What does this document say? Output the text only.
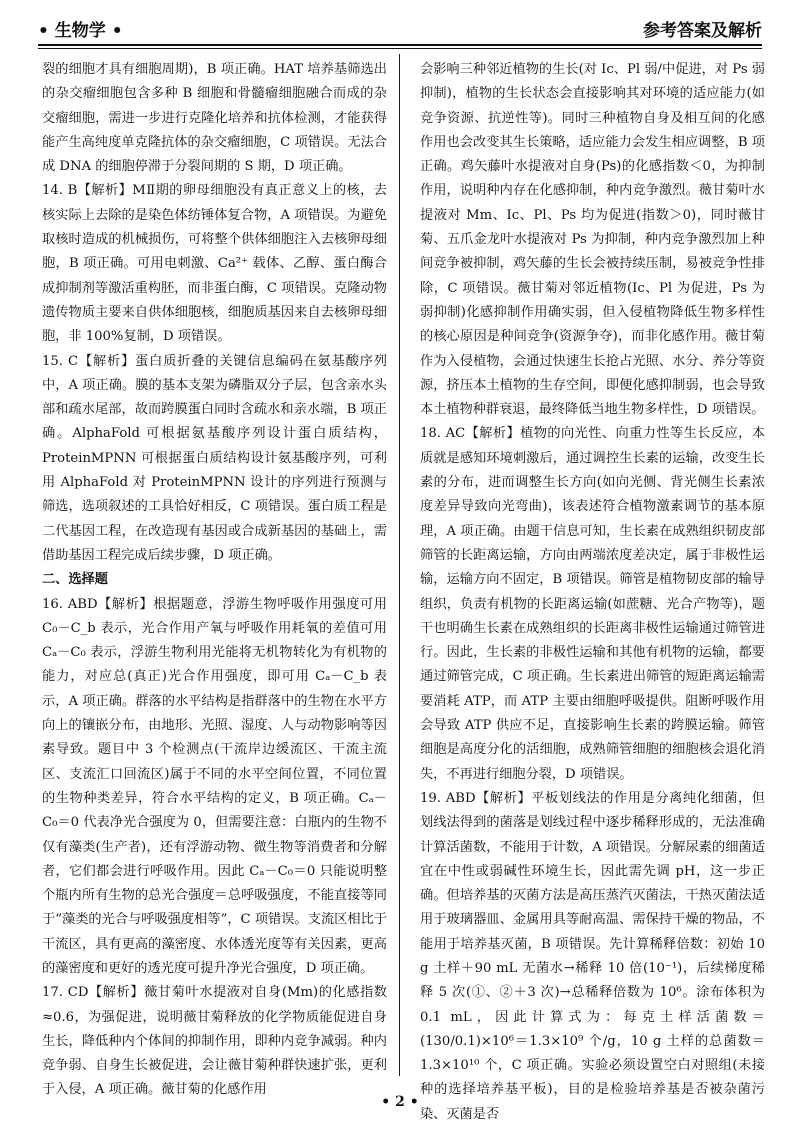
• 生物学 •	参考答案及解析

裂的细胞才具有细胞周期)，B 项正确。HAT 培养基筛选出的杂交瘤细胞包含多种 B 细胞和骨髓瘤细胞融合而成的杂交瘤细胞，需进一步进行克隆化培养和抗体检测，才能获得能产生高纯度单克隆抗体的杂交瘤细胞，C 项错误。无法合成 DNA 的细胞停滞于分裂间期的 S 期，D 项正确。

14. B【解析】MⅡ期的卵母细胞没有真正意义上的核，去核实际上去除的是染色体纺锤体复合物，A 项错误。为避免取核时造成的机械损伤，可将整个供体细胞注入去核卵母细胞，B 项正确。可用电刺激、Ca²⁺ 载体、乙醇、蛋白酶合成抑制剂等激活重构胚，而非蛋白酶，C 项错误。克隆动物遗传物质主要来自供体细胞核，细胞质基因来自去核卵母细胞，非 100%复制，D 项错误。

15. C【解析】蛋白质折叠的关键信息编码在氨基酸序列中，A 项正确。膜的基本支架为磷脂双分子层，包含亲水头部和疏水尾部，故而跨膜蛋白同时含疏水和亲水端，B 项正确。AlphaFold 可根据氨基酸序列设计蛋白质结构，ProteinMPNN 可根据蛋白质结构设计氨基酸序列，可利用 AlphaFold 对 ProteinMPNN 设计的序列进行预测与筛选，选项叙述的工具恰好相反，C 项错误。蛋白质工程是二代基因工程，在改造现有基因或合成新基因的基础上，需借助基因工程完成后续步骤，D 项正确。

二、选择题

16. ABD【解析】根据题意，浮游生物呼吸作用强度可用 C₀－C_b 表示，光合作用产氧与呼吸作用耗氧的差值可用 Cₐ－C₀ 表示，浮游生物利用光能将无机物转化为有机物的能力，对应总(真正)光合作用强度，即可用 Cₐ－C_b 表示，A 项正确。群落的水平结构是指群落中的生物在水平方向上的镶嵌分布，由地形、光照、湿度、人与动物影响等因素导致。题目中 3 个检测点(干流岸边缓流区、干流主流区、支流汇口回流区)属于不同的水平空间位置，不同位置的生物种类差异，符合水平结构的定义，B 项正确。Cₐ－C₀＝0 代表净光合强度为 0，但需要注意：白瓶内的生物不仅有藻类(生产者)，还有浮游动物、微生物等消费者和分解者，它们都会进行呼吸作用。因此 Cₐ－C₀＝0 只能说明整个瓶内所有生物的总光合强度＝总呼吸强度，不能直接等同于“藻类的光合与呼吸强度相等”，C 项错误。支流区相比于干流区，具有更高的藻密度、水体透光度等有关因素，更高的藻密度和更好的透光度可提升净光合强度，D 项正确。

17. CD【解析】薇甘菊叶水提液对自身(Mm)的化感指数≈0.6，为强促进，说明薇甘菊释放的化学物质能促进自身生长，降低种内个体间的抑制作用，即种内竞争减弱。种内竞争弱、自身生长被促进，会让薇甘菊种群快速扩张，更利于入侵，A 项正确。薇甘菊的化感作用

会影响三种邻近植物的生长(对 Ic、Pl 弱/中促进，对 Ps 弱抑制)，植物的生长状态会直接影响其对环境的适应能力(如竞争资源、抗逆性等)。同时三种植物自身及相互间的化感作用也会改变其生长策略，适应能力会发生相应调整，B 项正确。鸡矢藤叶水提液对自身(Ps)的化感指数＜0，为抑制作用，说明种内存在化感抑制，种内竞争激烈。薇甘菊叶水提液对 Mm、Ic、Pl、Ps 均为促进(指数＞0)，同时薇甘菊、五爪金龙叶水提液对 Ps 为抑制，种内竞争激烈加上种间竞争被抑制，鸡矢藤的生长会被持续压制，易被竞争性排除，C 项错误。薇甘菊对邻近植物(Ic、Pl 为促进，Ps 为弱抑制)化感抑制作用确实弱，但入侵植物降低生物多样性的核心原因是种间竞争(资源争夺)，而非化感作用。薇甘菊作为入侵植物，会通过快速生长抢占光照、水分、养分等资源，挤压本土植物的生存空间，即便化感抑制弱，也会导致本土植物种群衰退，最终降低当地生物多样性，D 项错误。

18. AC【解析】植物的向光性、向重力性等生长反应，本质就是感知环境刺激后，通过调控生长素的运输，改变生长素的分布，进而调整生长方向(如向光侧、背光侧生长素浓度差异导致向光弯曲)，该表述符合植物激素调节的基本原理，A 项正确。由题干信息可知，生长素在成熟组织韧皮部筛管的长距离运输，方向由两端浓度差决定，属于非极性运输，运输方向不固定，B 项错误。筛管是植物韧皮部的输导组织，负责有机物的长距离运输(如蔗糖、光合产物等)，题干也明确生长素在成熟组织的长距离非极性运输通过筛管进行。因此，生长素的非极性运输和其他有机物的运输，都要通过筛管完成，C 项正确。生长素进出筛管的短距离运输需要消耗 ATP，而 ATP 主要由细胞呼吸提供。阻断呼吸作用会导致 ATP 供应不足，直接影响生长素的跨膜运输。筛管细胞是高度分化的活细胞，成熟筛管细胞的细胞核会退化消失，不再进行细胞分裂，D 项错误。

19. ABD【解析】平板划线法的作用是分离纯化细菌，但划线法得到的菌落是划线过程中逐步稀释形成的，无法准确计算活菌数，不能用于计数，A 项错误。分解尿素的细菌适宜在中性或弱碱性环境生长，因此需先调 pH，这一步正确。但培养基的灭菌方法是高压蒸汽灭菌法，干热灭菌法适用于玻璃器皿、金属用具等耐高温、需保持干燥的物品，不能用于培养基灭菌，B 项错误。先计算稀释倍数：初始 10 g 土样＋90 mL 无菌水→稀释 10 倍(10⁻¹)，后续梯度稀释 5 次(①、②＋3 次)→总稀释倍数为 10⁶。涂布体积为 0.1 mL，因此计算式为：每克土样活菌数＝(130/0.1)×10⁶＝1.3×10⁹ 个/g，10 g 土样的总菌数＝1.3×10¹⁰ 个，C 项正确。实验必须设置空白对照组(未接种的选择培养基平板)，目的是检验培养基是否被杂菌污染、灭菌是否

• 2 •
